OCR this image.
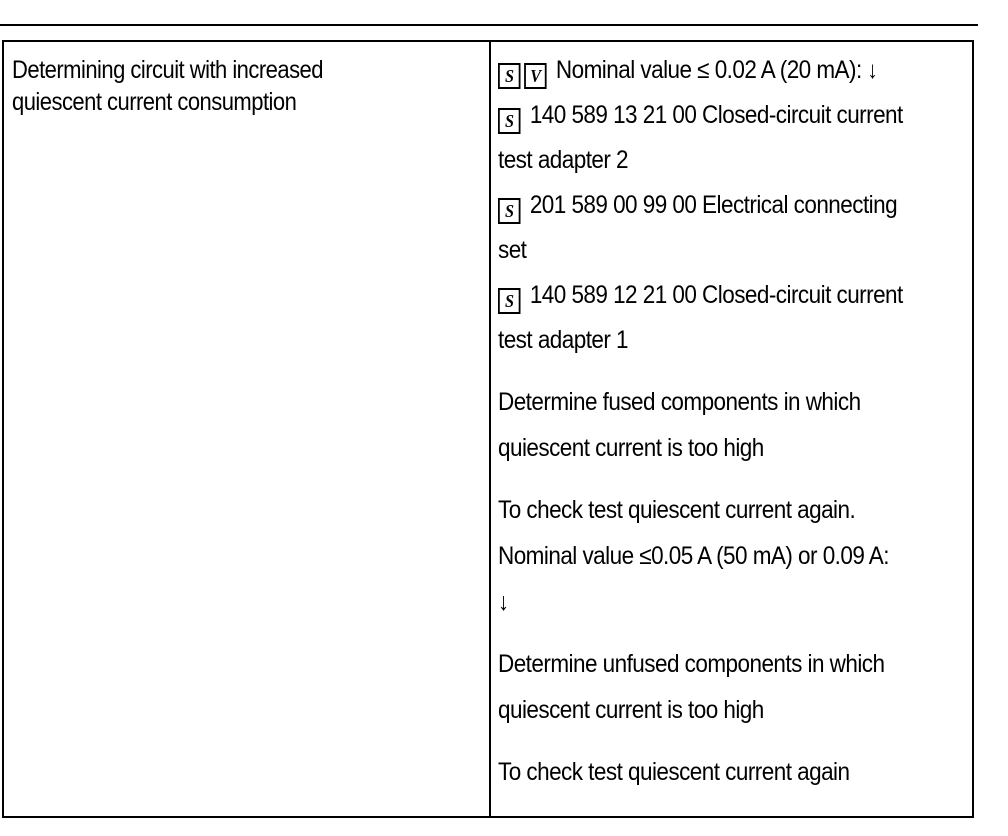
Determining circuit with increased
quiescent current consumption
S V Nominal value ≤ 0.02 A (20 mA): ↓
S 140 589 13 21 00 Closed-circuit current
test adapter 2
S 201 589 00 99 00 Electrical connecting
set
S 140 589 12 21 00 Closed-circuit current
test adapter 1
Determine fused components in which
quiescent current is too high
To check test quiescent current again.
Nominal value ≤0.05 A (50 mA) or 0.09 A:
↓
Determine unfused components in which
quiescent current is too high
To check test quiescent current again
